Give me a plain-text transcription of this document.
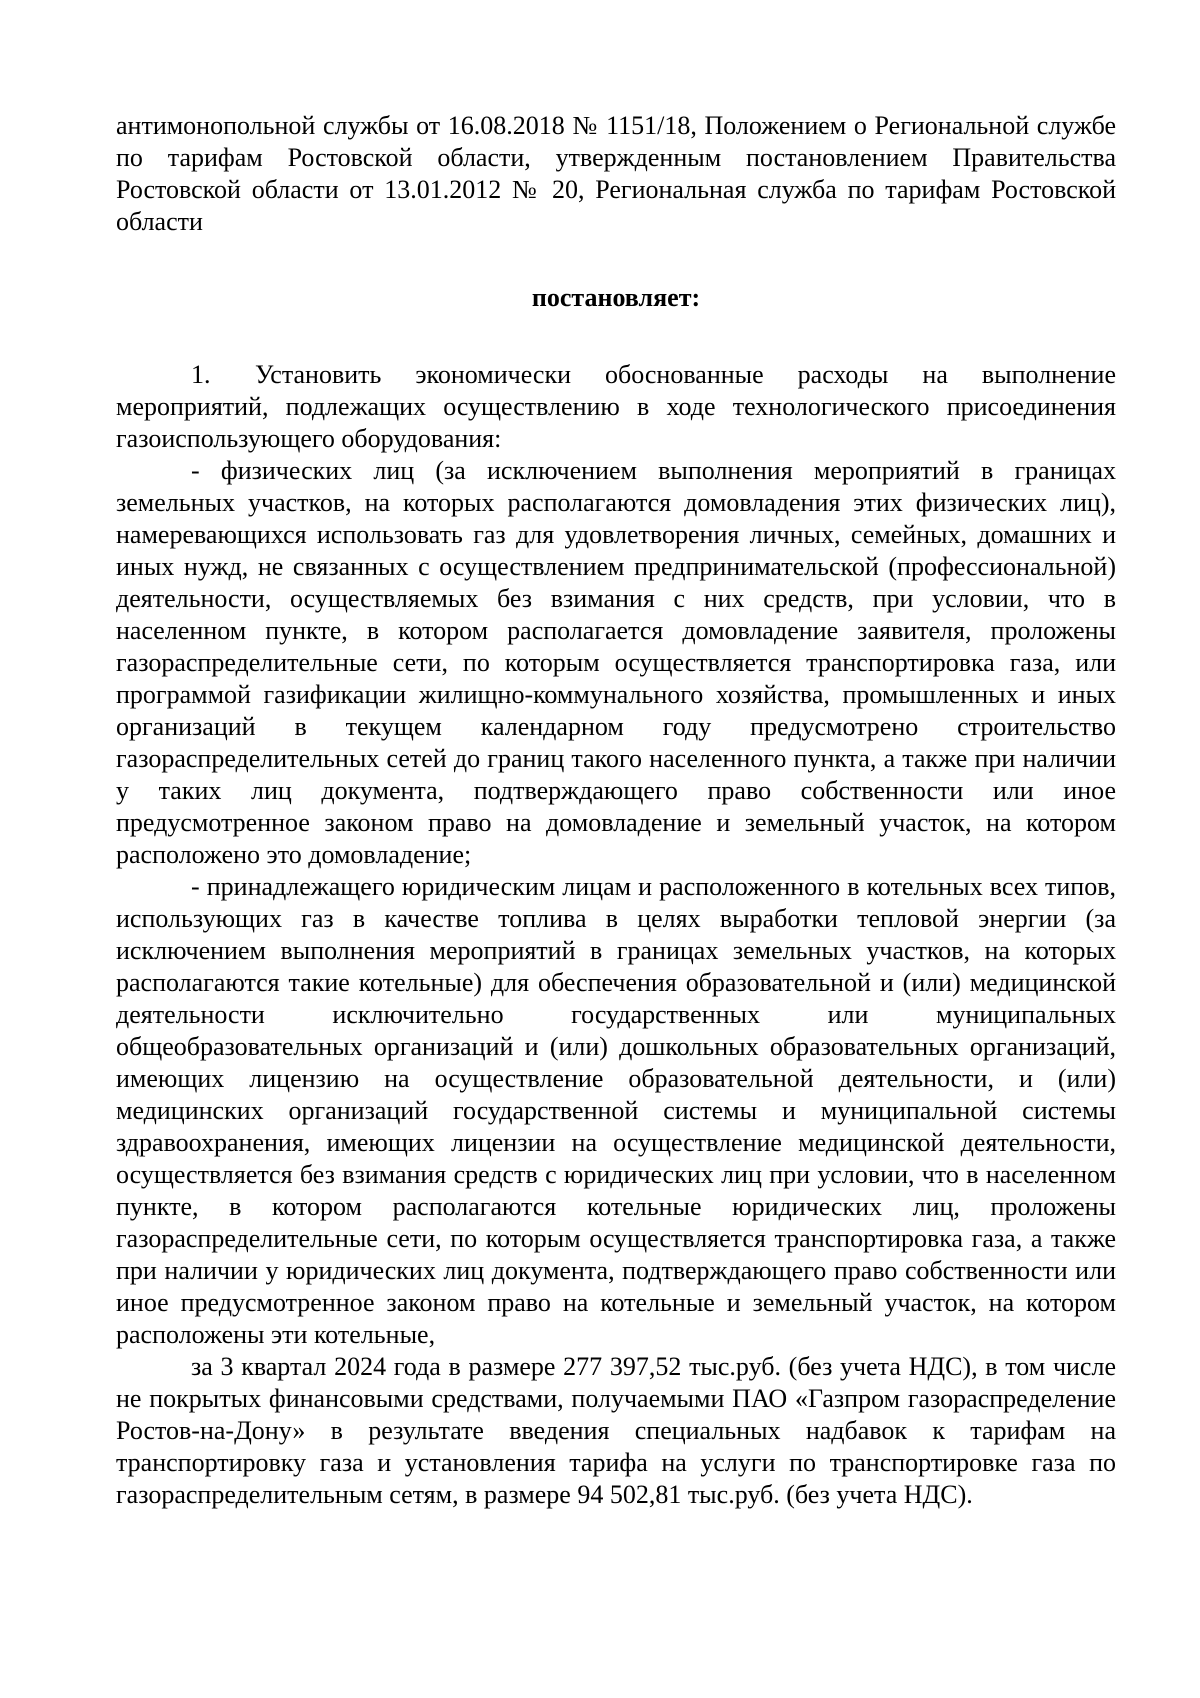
антимонопольной службы от 16.08.2018 № 1151/18, Положением о Региональной службе по тарифам Ростовской области, утвержденным постановлением Правительства Ростовской области от 13.01.2012 № 20, Региональная служба по тарифам Ростовской области

постановляет:

1. Установить экономически обоснованные расходы на выполнение мероприятий, подлежащих осуществлению в ходе технологического присоединения газоиспользующего оборудования:

- физических лиц (за исключением выполнения мероприятий в границах земельных участков, на которых располагаются домовладения этих физических лиц), намеревающихся использовать газ для удовлетворения личных, семейных, домашних и иных нужд, не связанных с осуществлением предпринимательской (профессиональной) деятельности, осуществляемых без взимания с них средств, при условии, что в населенном пункте, в котором располагается домовладение заявителя, проложены газораспределительные сети, по которым осуществляется транспортировка газа, или программой газификации жилищно-коммунального хозяйства, промышленных и иных организаций в текущем календарном году предусмотрено строительство газораспределительных сетей до границ такого населенного пункта, а также при наличии у таких лиц документа, подтверждающего право собственности или иное предусмотренное законом право на домовладение и земельный участок, на котором расположено это домовладение;

- принадлежащего юридическим лицам и расположенного в котельных всех типов, использующих газ в качестве топлива в целях выработки тепловой энергии (за исключением выполнения мероприятий в границах земельных участков, на которых располагаются такие котельные) для обеспечения образовательной и (или) медицинской деятельности исключительно государственных или муниципальных общеобразовательных организаций и (или) дошкольных образовательных организаций, имеющих лицензию на осуществление образовательной деятельности, и (или) медицинских организаций государственной системы и муниципальной системы здравоохранения, имеющих лицензии на осуществление медицинской деятельности, осуществляется без взимания средств с юридических лиц при условии, что в населенном пункте, в котором располагаются котельные юридических лиц, проложены газораспределительные сети, по которым осуществляется транспортировка газа, а также при наличии у юридических лиц документа, подтверждающего право собственности или иное предусмотренное законом право на котельные и земельный участок, на котором расположены эти котельные,

за 3 квартал 2024 года в размере 277 397,52 тыс.руб. (без учета НДС), в том числе не покрытых финансовыми средствами, получаемыми ПАО «Газпром газораспределение Ростов-на-Дону» в результате введения специальных надбавок к тарифам на транспортировку газа и установления тарифа на услуги по транспортировке газа по газораспределительным сетям, в размере 94 502,81 тыс.руб. (без учета НДС).
